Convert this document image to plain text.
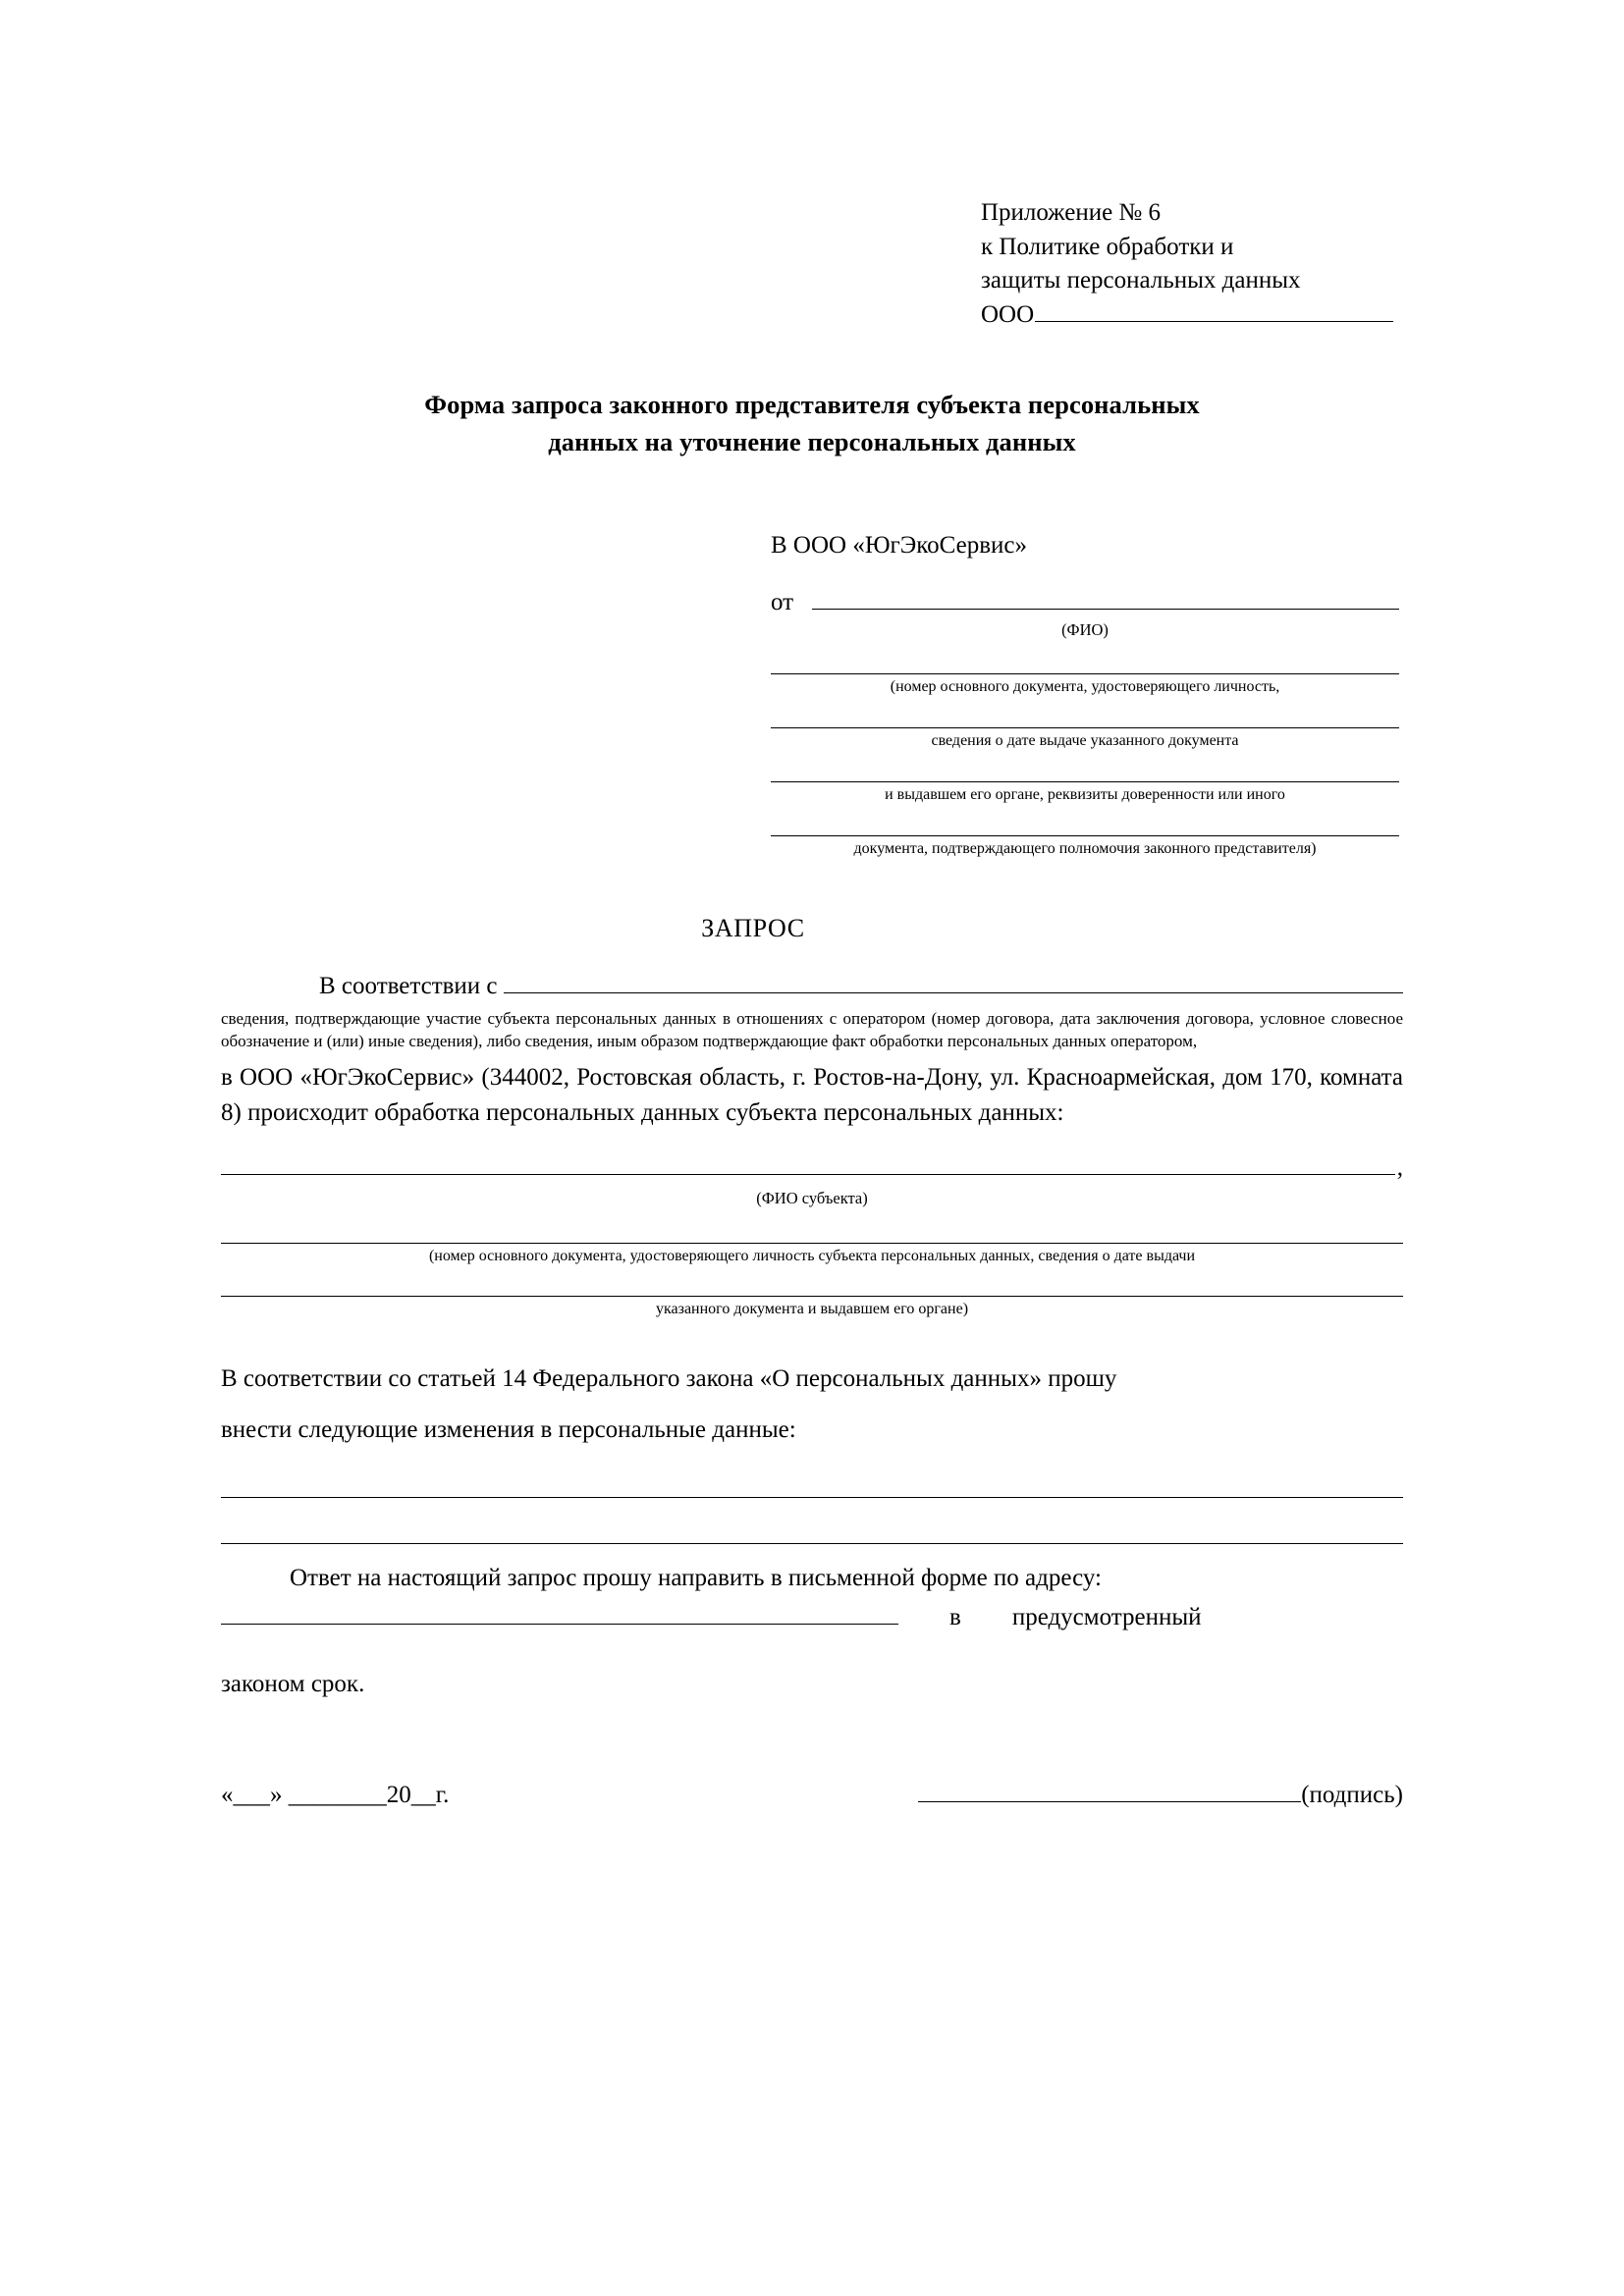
Приложение № 6
к Политике обработки и
защиты персональных данных
ООО
Форма запроса законного представителя субъекта персональных
данных на уточнение персональных данных
В ООО «ЮгЭкоСервис»
от
(ФИО)
(номер основного документа, удостоверяющего личность,
сведения о дате выдаче указанного документа
и выдавшем его органе, реквизиты доверенности или иного
документа, подтверждающего полномочия законного представителя)
ЗАПРОС
В соответствии с
сведения, подтверждающие участие субъекта персональных данных в отношениях с оператором (номер договора, дата заключения договора, условное словесное обозначение и (или) иные сведения), либо сведения, иным образом подтверждающие факт обработки персональных данных оператором,
в ООО «ЮгЭкоСервис» (344002, Ростовская область, г. Ростов-на-Дону, ул. Красноармейская, дом 170, комната 8) происходит обработка персональных данных субъекта персональных данных:
,
(ФИО субъекта)
(номер основного документа, удостоверяющего личность субъекта персональных данных, сведения о дате выдачи
указанного документа и выдавшем его органе)
В соответствии со статьей 14 Федерального закона «О персональных данных» прошу
внести следующие изменения в персональные данные:
Ответ на настоящий запрос прошу направить в письменной форме по адресу:
в	предусмотренный
законом срок.
«___» ________20__г.	(подпись)
